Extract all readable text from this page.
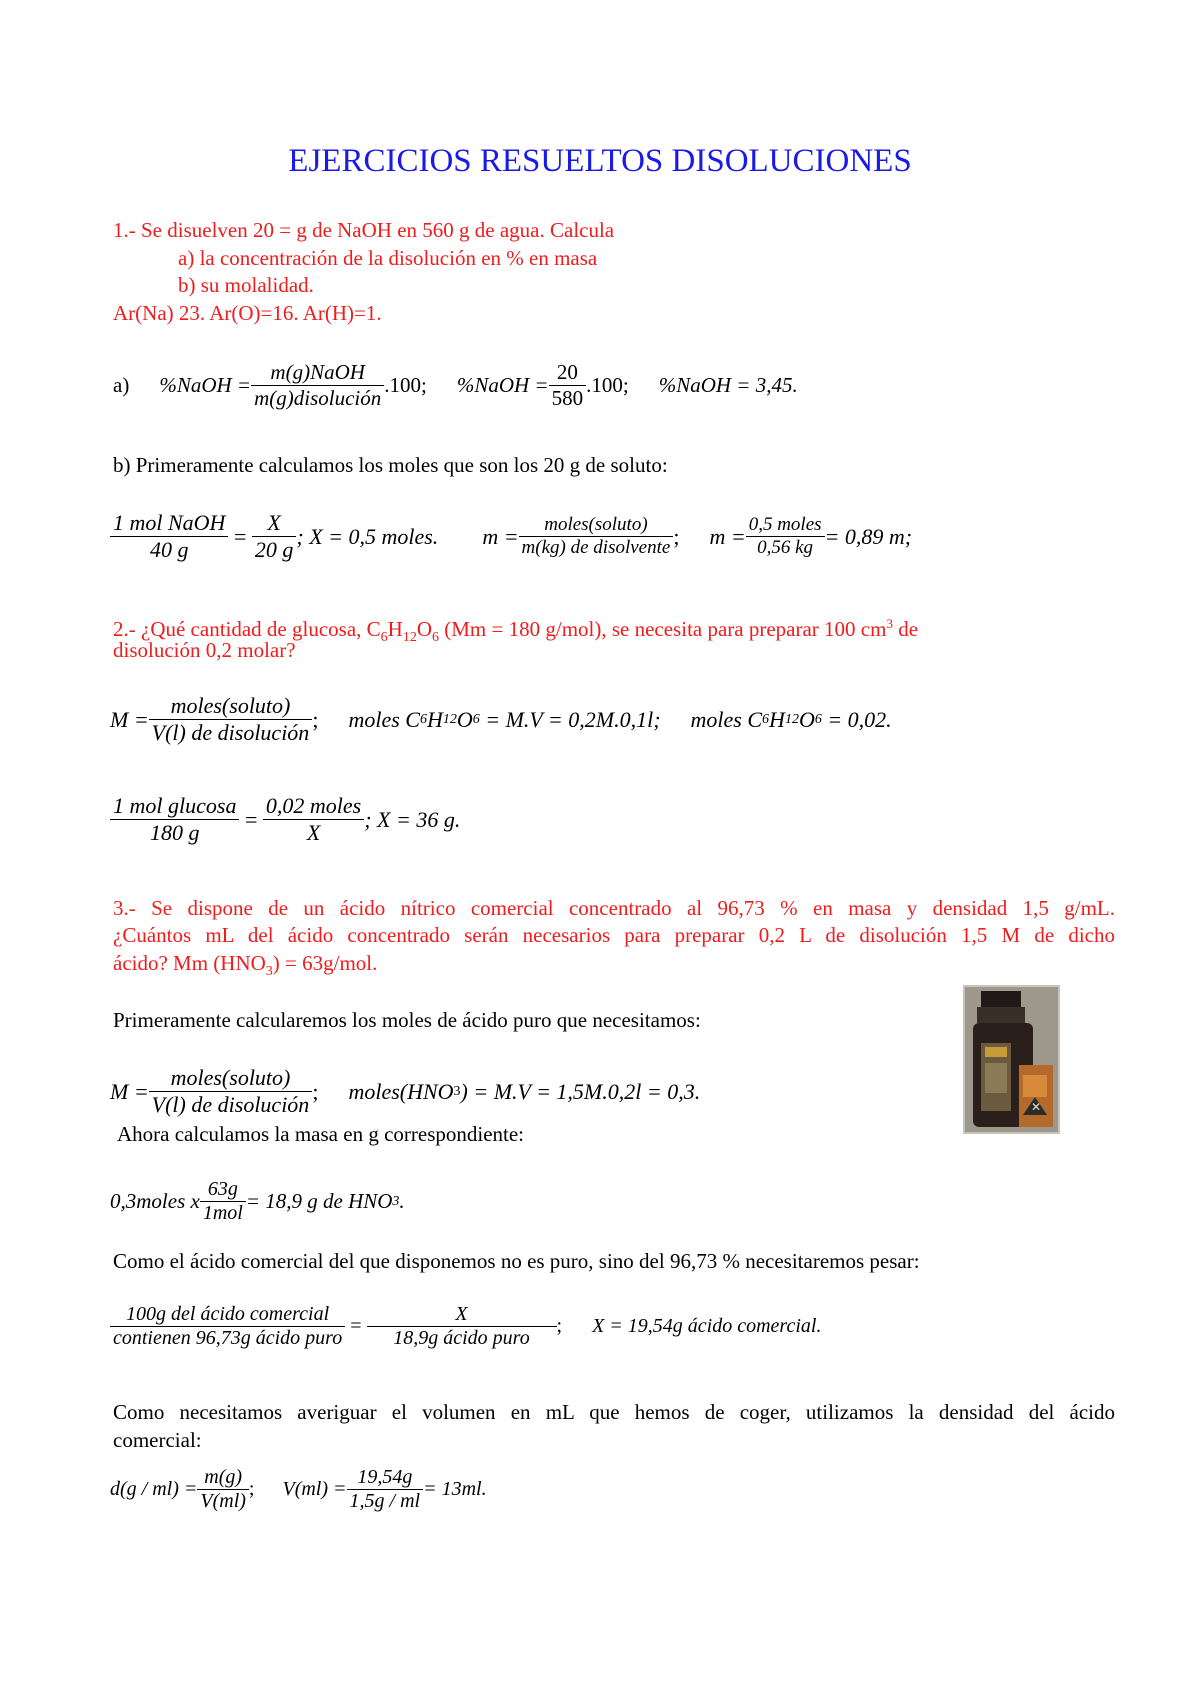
EJERCICIOS RESUELTOS DISOLUCIONES
1.- Se disuelven 20 = g de NaOH en 560 g de agua. Calcula
a) la concentración de la disolución en % en masa
b) su molalidad.
Ar(Na) 23. Ar(O)=16. Ar(H)=1.
a) %NaOH = $\frac{\text{m(g)NaOH}}{\text{m(g)disolución}} .100$; %NaOH = $\frac{20}{580} .100$; %NaOH = 3,45.
b) Primeramente calculamos los moles que son los 20 g de soluto:
$\frac{\text{1 mol NaOH}}{40 g} = \frac{X}{20 g}$ ; X = 0,5 moles. $m = \frac{\text{moles(soluto)}}{\text{m(kg) de disolvente}}$ ; $m = \frac{\text{0,5 moles}}{0,56 kg} = 0,89$ m;
2.- ¿Qué cantidad de glucosa, $C_6H_{12}O_6$ (Mm = 180 g/mol), se necesita para preparar 100 $cm^3$ de
disolución 0,2 molar?
$M = \frac{\text{moles(soluto)}}{\text{V(l) de disolución}}$ ; moles C 6 H 12 O 6
= M.V = 0,2M.0,1l; moles C 6 H 12 O 6
= 0,02.
$\frac{\text{1 mol glucosa}}{180 g} = \frac{\text{0,02 moles}}{X}$ ; X = 36 g.
3.- Se dispone de un ácido nítrico comercial concentrado al 96,73 % en masa y densidad 1,5 g/mL.
¿Cuántos mL del ácido concentrado serán necesarios para preparar 0,2 L de disolución 1,5 M de dicho
ácido? Mm $(HNO_3) = 63g/mol$.
Primeramente calcularemos los moles de ácido puro que necesitamos:
$M = \frac{\text{moles(soluto)}}{\text{V(l) de disolución}}$ ; moles(HNO 3 ) = M.V = 1,5M.0,2l = 0,3.
✕
Ahora calculamos la masa en g correspondiente:
0,3moles x $\frac{63g}{\text{1mol}} = 18,9$ g de HNO 3 .
Como el ácido comercial del que disponemos no es puro, sino del 96,73 % necesitaremos pesar:
$\frac{\text{100g del ácido comercial}}{\text{contienen 96,73g ácido puro}} = \frac{X}{\text{18,9g ácido puro}}$ ; X = 19,54g ácido comercial.
Como necesitamos averiguar el volumen en mL que hemos de coger, utilizamos la densidad del ácido
comercial:
$d(g / ml) = \frac{m(g)}{V(ml)}$ ; $V(ml) = \frac{19,54g}{1,5g / ml} = 13ml$.
